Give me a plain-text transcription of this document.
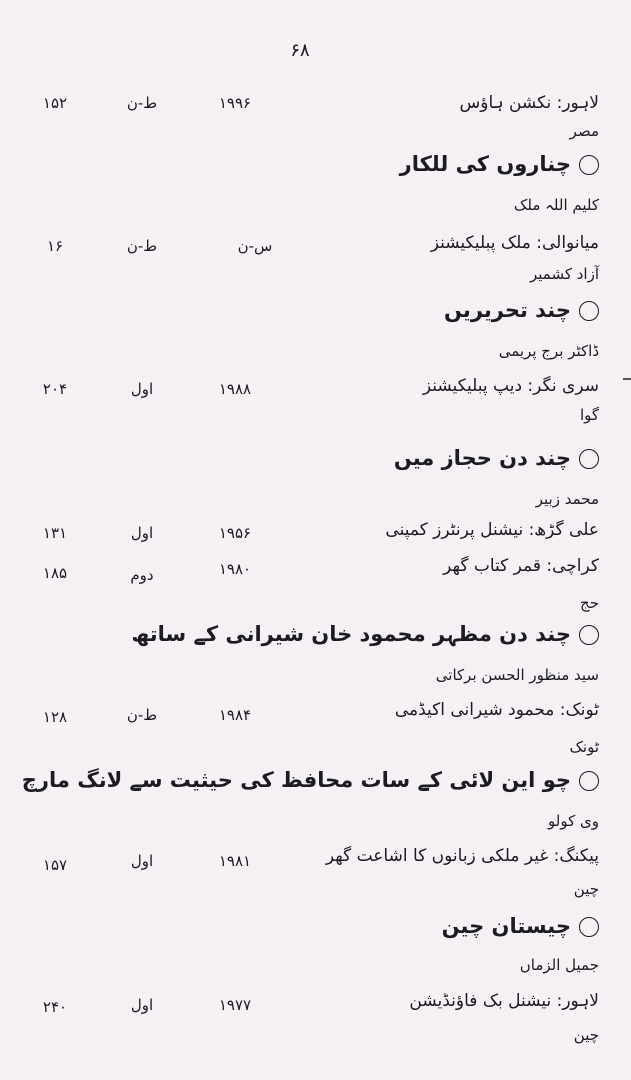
۶۸
لاہور: نکشن ہاؤس
۱۹۹۶
ط-ن
۱۵۲
مصر
چناروں کی للکار
کلیم اللہ ملک
میانوالی: ملک پبلیکیشنز
س-ن
ط-ن
۱۶
آزاد کشمیر
چند تحریریں
ڈاکٹر برج پریمی
سری نگر: دیپ پبلیکیشنز
۱۹۸۸
اول
۲۰۴
گوا
چند دن حجاز میں
محمد زبیر
علی گڑھ: نیشنل پرنٹرز کمپنی
۱۹۵۶
اول
۱۳۱
کراچی: قمر کتاب گھر
۱۹۸۰
دوم
۱۸۵
حج
چند دن مظہر محمود خان شیرانی کے ساتھ
سید منظور الحسن برکاتی
ٹونک: محمود شیرانی اکیڈمی
۱۹۸۴
ط-ن
۱۲۸
ٹونک
چو این لائی کے سات محافظ کی حیثیت سے لانگ مارچ
وی کولو
پیکنگ: غیر ملکی زبانوں کا اشاعت گھر
۱۹۸۱
اول
۱۵۷
چین
چیستان چین
جمیل الزماں
لاہور: نیشنل بک فاؤنڈیشن
۱۹۷۷
اول
۲۴۰
چین
